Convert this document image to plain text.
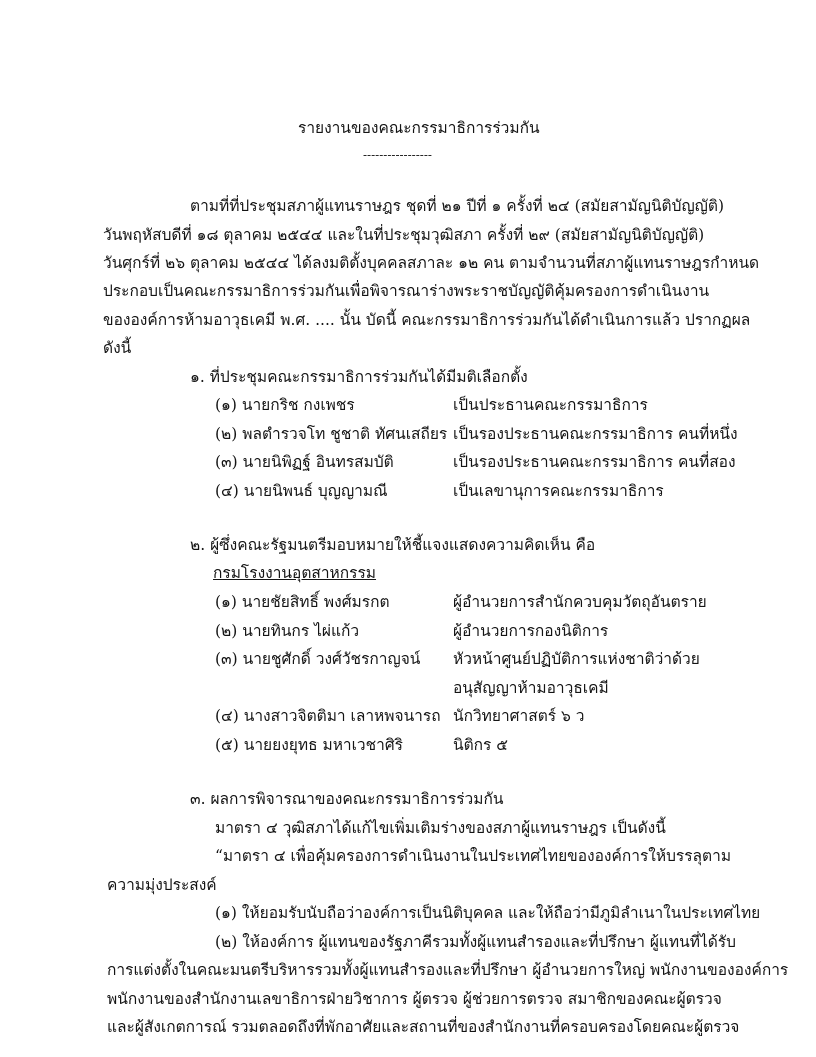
รายงานของคณะกรรมาธิการร่วมกัน
-----------------
ตามที่ที่ประชุมสภาผู้แทนราษฎร ชุดที่ ๒๑ ปีที่ ๑ ครั้งที่ ๒๔ (สมัยสามัญนิติบัญญัติ)
วันพฤหัสบดีที่ ๑๘ ตุลาคม ๒๕๔๔ และในที่ประชุมวุฒิสภา ครั้งที่ ๒๙ (สมัยสามัญนิติบัญญัติ)
วันศุกร์ที่ ๒๖ ตุลาคม ๒๕๔๔ ได้ลงมติตั้งบุคคลสภาละ ๑๒ คน ตามจำนวนที่สภาผู้แทนราษฎรกำหนด
ประกอบเป็นคณะกรรมาธิการร่วมกันเพื่อพิจารณาร่างพระราชบัญญัติคุ้มครองการดำเนินงาน
ขององค์การห้ามอาวุธเคมี พ.ศ. .... นั้น บัดนี้ คณะกรรมาธิการร่วมกันได้ดำเนินการแล้ว ปรากฏผล
ดังนี้
๑. ที่ประชุมคณะกรรมาธิการร่วมกันได้มีมติเลือกตั้ง
(๑) นายกริช กงเพชร	เป็นประธานคณะกรรมาธิการ
(๒) พลตำรวจโท ชูชาติ ทัศนเสถียร เป็นรองประธานคณะกรรมาธิการ คนที่หนึ่ง
(๓) นายนิพิฏฐ์ อินทรสมบัติ	เป็นรองประธานคณะกรรมาธิการ คนที่สอง
(๔) นายนิพนธ์ บุญญามณี	เป็นเลขานุการคณะกรรมาธิการ
๒. ผู้ซึ่งคณะรัฐมนตรีมอบหมายให้ชี้แจงแสดงความคิดเห็น คือ
กรมโรงงานอุตสาหกรรม
(๑) นายชัยสิทธิ์ พงศ์มรกต	ผู้อำนวยการสำนักควบคุมวัตถุอันตราย
(๒) นายทินกร ไผ่แก้ว	ผู้อำนวยการกองนิติการ
(๓) นายชูศักดิ์ วงศ์วัชรกาญจน์ หัวหน้าศูนย์ปฏิบัติการแห่งชาติว่าด้วย
อนุสัญญาห้ามอาวุธเคมี
(๔) นางสาวจิตติมา เลาหพจนารถ นักวิทยาศาสตร์ ๖ ว
(๕) นายยงยุทธ มหาเวชาศิริ	นิติกร ๕
๓. ผลการพิจารณาของคณะกรรมาธิการร่วมกัน
มาตรา ๔ วุฒิสภาได้แก้ไขเพิ่มเติมร่างของสภาผู้แทนราษฎร เป็นดังนี้
“มาตรา ๔ เพื่อคุ้มครองการดำเนินงานในประเทศไทยขององค์การให้บรรลุตาม
ความมุ่งประสงค์
(๑) ให้ยอมรับนับถือว่าองค์การเป็นนิติบุคคล และให้ถือว่ามีภูมิลำเนาในประเทศไทย
(๒) ให้องค์การ ผู้แทนของรัฐภาคีรวมทั้งผู้แทนสำรองและที่ปรึกษา ผู้แทนที่ได้รับ
การแต่งตั้งในคณะมนตรีบริหารรวมทั้งผู้แทนสำรองและที่ปรึกษา ผู้อำนวยการใหญ่ พนักงานขององค์การ
พนักงานของสำนักงานเลขาธิการฝ่ายวิชาการ ผู้ตรวจ ผู้ช่วยการตรวจ สมาชิกของคณะผู้ตรวจ
และผู้สังเกตการณ์ รวมตลอดถึงที่พักอาศัยและสถานที่ของสำนักงานที่ครอบครองโดยคณะผู้ตรวจ
